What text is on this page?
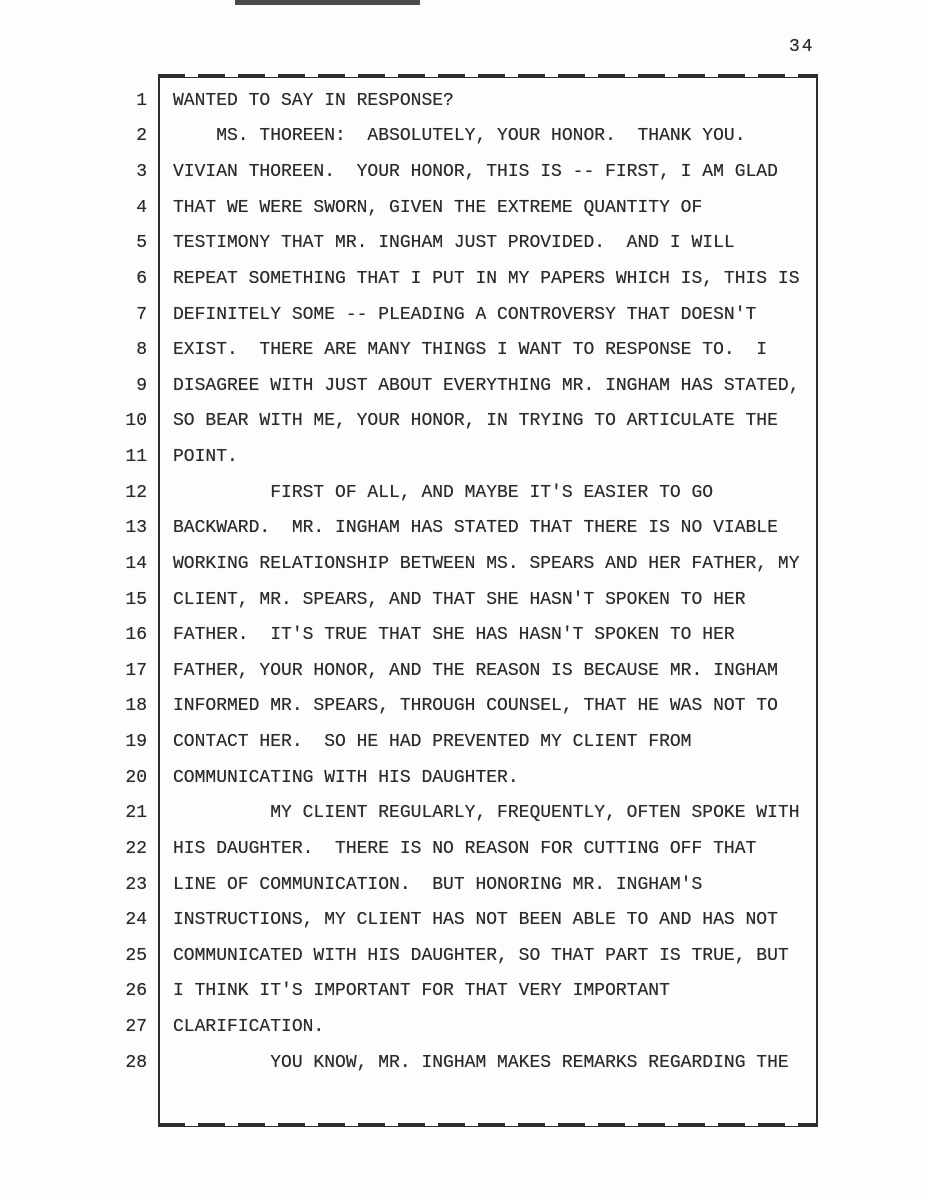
34
1	WANTED TO SAY IN RESPONSE?
2	MS. THOREEN:  ABSOLUTELY, YOUR HONOR.  THANK YOU.
3	VIVIAN THOREEN.  YOUR HONOR, THIS IS -- FIRST, I AM GLAD
4	THAT WE WERE SWORN, GIVEN THE EXTREME QUANTITY OF
5	TESTIMONY THAT MR. INGHAM JUST PROVIDED.  AND I WILL
6	REPEAT SOMETHING THAT I PUT IN MY PAPERS WHICH IS, THIS IS
7	DEFINITELY SOME -- PLEADING A CONTROVERSY THAT DOESN'T
8	EXIST.  THERE ARE MANY THINGS I WANT TO RESPONSE TO.  I
9	DISAGREE WITH JUST ABOUT EVERYTHING MR. INGHAM HAS STATED,
10	SO BEAR WITH ME, YOUR HONOR, IN TRYING TO ARTICULATE THE
11	POINT.
12	FIRST OF ALL, AND MAYBE IT'S EASIER TO GO
13	BACKWARD.  MR. INGHAM HAS STATED THAT THERE IS NO VIABLE
14	WORKING RELATIONSHIP BETWEEN MS. SPEARS AND HER FATHER, MY
15	CLIENT, MR. SPEARS, AND THAT SHE HASN'T SPOKEN TO HER
16	FATHER.  IT'S TRUE THAT SHE HAS HASN'T SPOKEN TO HER
17	FATHER, YOUR HONOR, AND THE REASON IS BECAUSE MR. INGHAM
18	INFORMED MR. SPEARS, THROUGH COUNSEL, THAT HE WAS NOT TO
19	CONTACT HER.  SO HE HAD PREVENTED MY CLIENT FROM
20	COMMUNICATING WITH HIS DAUGHTER.
21	MY CLIENT REGULARLY, FREQUENTLY, OFTEN SPOKE WITH
22	HIS DAUGHTER.  THERE IS NO REASON FOR CUTTING OFF THAT
23	LINE OF COMMUNICATION.  BUT HONORING MR. INGHAM'S
24	INSTRUCTIONS, MY CLIENT HAS NOT BEEN ABLE TO AND HAS NOT
25	COMMUNICATED WITH HIS DAUGHTER, SO THAT PART IS TRUE, BUT
26	I THINK IT'S IMPORTANT FOR THAT VERY IMPORTANT
27	CLARIFICATION.
28	YOU KNOW, MR. INGHAM MAKES REMARKS REGARDING THE
